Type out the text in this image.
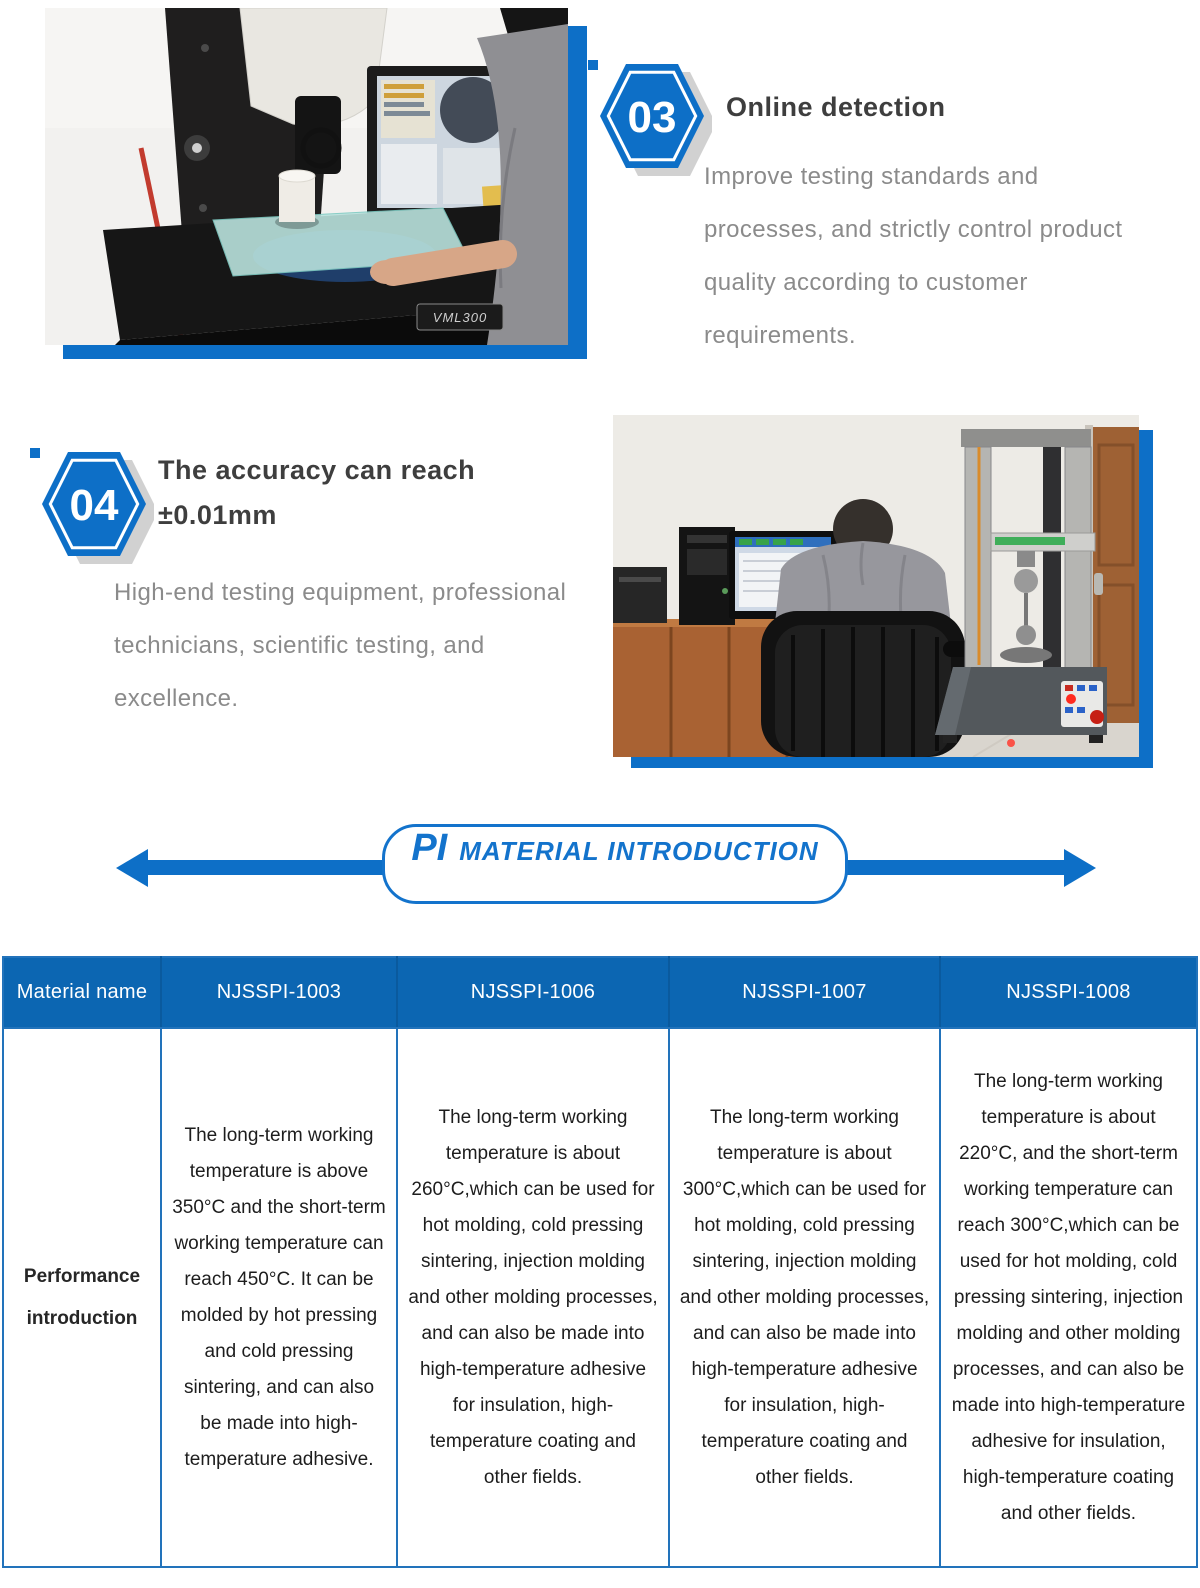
VML300
03 Online detection
Improve testing standards and processes, and strictly control product quality according to customer requirements.
04
The accuracy can reach
±0.01mm
High-end testing equipment, professional technicians, scientific testing, and excellence.
PI MATERIAL INTRODUCTION
Material name	NJSSPI-1003	NJSSPI-1006	NJSSPI-1007	NJSSPI-1008
Performance introduction	The long-term working temperature is above 350°C and the short-term working temperature can reach 450°C. It can be molded by hot pressing and cold pressing sintering, and can also be made into high-temperature adhesive.	The long-term working temperature is about 260°C,which can be used for hot molding, cold pressing sintering, injection molding and other molding processes, and can also be made into high-temperature adhesive for insulation, high-temperature coating and other fields.	The long-term working temperature is about 300°C,which can be used for hot molding, cold pressing sintering, injection molding and other molding processes, and can also be made into high-temperature adhesive for insulation, high-temperature coating and other fields.	The long-term working temperature is about 220°C, and the short-term working temperature can reach 300°C,which can be used for hot molding, cold pressing sintering, injection molding and other molding processes, and can also be made into high-temperature adhesive for insulation, high-temperature coating and other fields.
